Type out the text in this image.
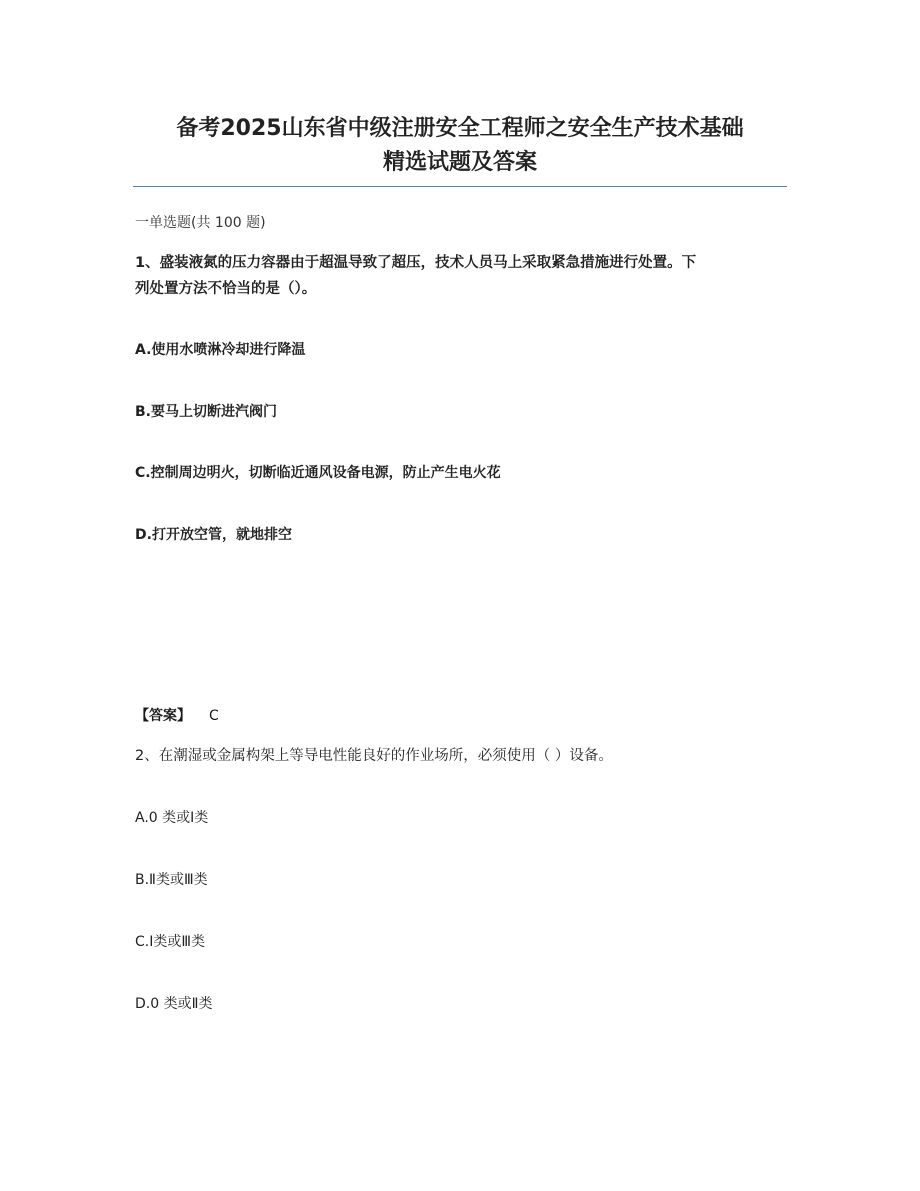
备考2025山东省中级注册安全工程师之安全生产技术基础
精选试题及答案
一单选题(共 100 题)
1、盛装液氮的压力容器由于超温导致了超压，技术人员马上采取紧急措施进行处置。下
列处置方法不恰当的是（）。
A.使用水喷淋冷却进行降温
B.要马上切断进汽阀门
C.控制周边明火，切断临近通风设备电源，防止产生电火花
D.打开放空管，就地排空
【答案】 C
2、在潮湿或金属构架上等导电性能良好的作业场所，必须使用（ ）设备。
A.0 类或Ⅰ类
B.Ⅱ类或Ⅲ类
C.Ⅰ类或Ⅲ类
D.0 类或Ⅱ类
